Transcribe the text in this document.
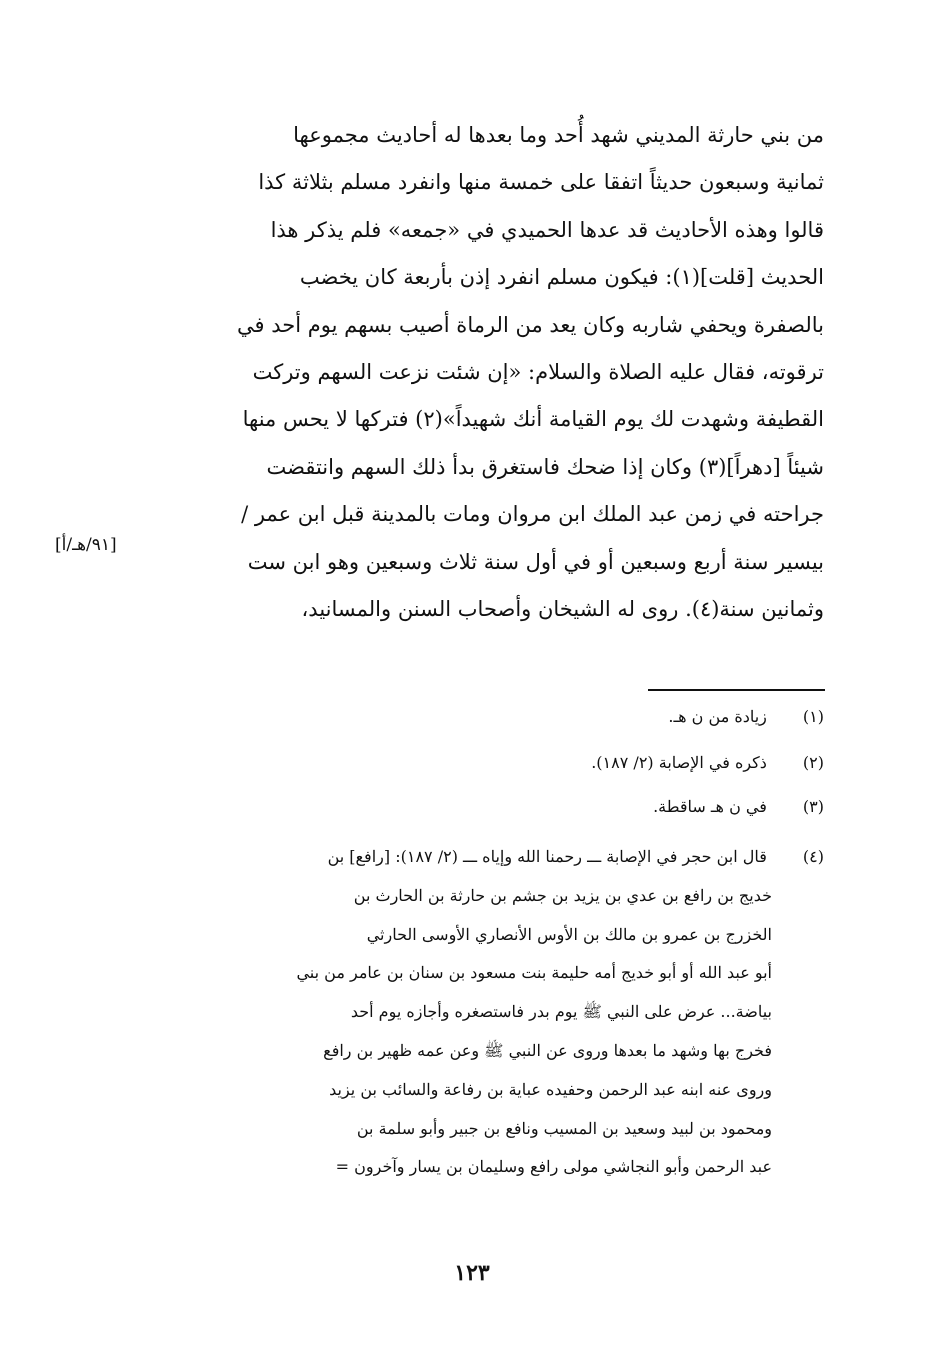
من بني حارثة المديني شهد أُحد وما بعدها له أحاديث مجموعها
ثمانية وسبعون حديثاً اتفقا على خمسة منها وانفرد مسلم بثلاثة كذا
قالوا وهذه الأحاديث قد عدها الحميدي في «جمعه» فلم يذكر هذا
الحديث [قلت](١): فيكون مسلم انفرد إذن بأربعة كان يخضب
بالصفرة ويحفي شاربه وكان يعد من الرماة أصيب بسهم يوم أحد في
ترقوته، فقال عليه الصلاة والسلام: «إن شئت نزعت السهم وتركت
القطيفة وشهدت لك يوم القيامة أنك شهيداً»(٢) فتركها لا يحس منها
شيئاً [دهراً](٣) وكان إذا ضحك فاستغرق بدأ ذلك السهم وانتقضت
جراحته في زمن عبد الملك ابن مروان ومات بالمدينة قبل ابن عمر /
بيسير سنة أربع وسبعين أو في أول سنة ثلاث وسبعين وهو ابن ست
وثمانين سنة(٤). روى له الشيخان وأصحاب السنن والمسانيد،
[٩١/هـ/أ]
(١) زيادة من ن هـ.
(٢) ذكره في الإصابة (٢/ ١٨٧).
(٣) في ن هـ ساقطة.
(٤) قال ابن حجر في الإصابة ـــ رحمنا الله وإياه ـــ (٢/ ١٨٧): [رافع] بن
خديج بن رافع بن عدي بن يزيد بن جشم بن حارثة بن الحارث بن
الخزرج بن عمرو بن مالك بن الأوس الأنصاري الأوسى الحارثي
أبو عبد الله أو أبو خديج أمه حليمة بنت مسعود بن سنان بن عامر من بني
بياضة... عرض على النبي ﷺ يوم بدر فاستصغره وأجازه يوم أحد
فخرج بها وشهد ما بعدها وروى عن النبي ﷺ وعن عمه ظهير بن رافع
وروى عنه ابنه عبد الرحمن وحفيده عباية بن رفاعة والسائب بن يزيد
ومحمود بن لبيد وسعيد بن المسيب ونافع بن جبير وأبو سلمة بن
عبد الرحمن وأبو النجاشي مولى رافع وسليمان بن يسار وآخرون =
١٢٣
